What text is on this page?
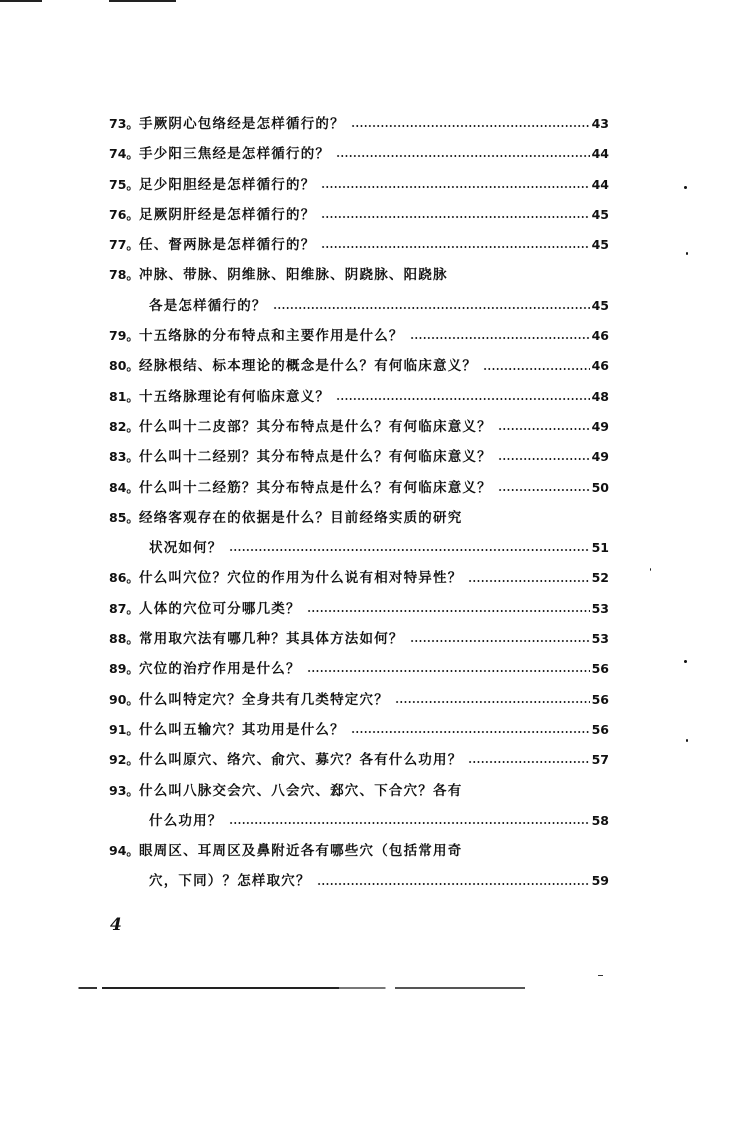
73。 手厥阴心包络经是怎样循行的？	43
74。 手少阳三焦经是怎样循行的？	44
75。 足少阳胆经是怎样循行的？	44
76。 足厥阴肝经是怎样循行的？	45
77。 任、督两脉是怎样循行的？	45
78。 冲脉、带脉、阴维脉、阳维脉、阴跷脉、阳跷脉
各是怎样循行的？	45
79。 十五络脉的分布特点和主要作用是什么？	46
80。 经脉根结、标本理论的概念是什么？有何临床意义？	46
81。 十五络脉理论有何临床意义？	48
82。 什么叫十二皮部？其分布特点是什么？有何临床意义？	49
83。 什么叫十二经别？其分布特点是什么？有何临床意义？	49
84。 什么叫十二经筋？其分布特点是什么？有何临床意义？	50
85。 经络客观存在的依据是什么？目前经络实质的研究
状况如何？	51
86。 什么叫穴位？穴位的作用为什么说有相对特异性？	52
87。 人体的穴位可分哪几类？	53
88。 常用取穴法有哪几种？其具体方法如何？	53
89。 穴位的治疗作用是什么？	56
90。 什么叫特定穴？全身共有几类特定穴？	56
91。 什么叫五输穴？其功用是什么？	56
92。 什么叫原穴、络穴、俞穴、募穴？各有什么功用？	57
93。 什么叫八脉交会穴、八会穴、郄穴、下合穴？各有
什么功用？	58
94。 眼周区、耳周区及鼻附近各有哪些穴（包括常用奇
穴，下同）？怎样取穴？	59
4
